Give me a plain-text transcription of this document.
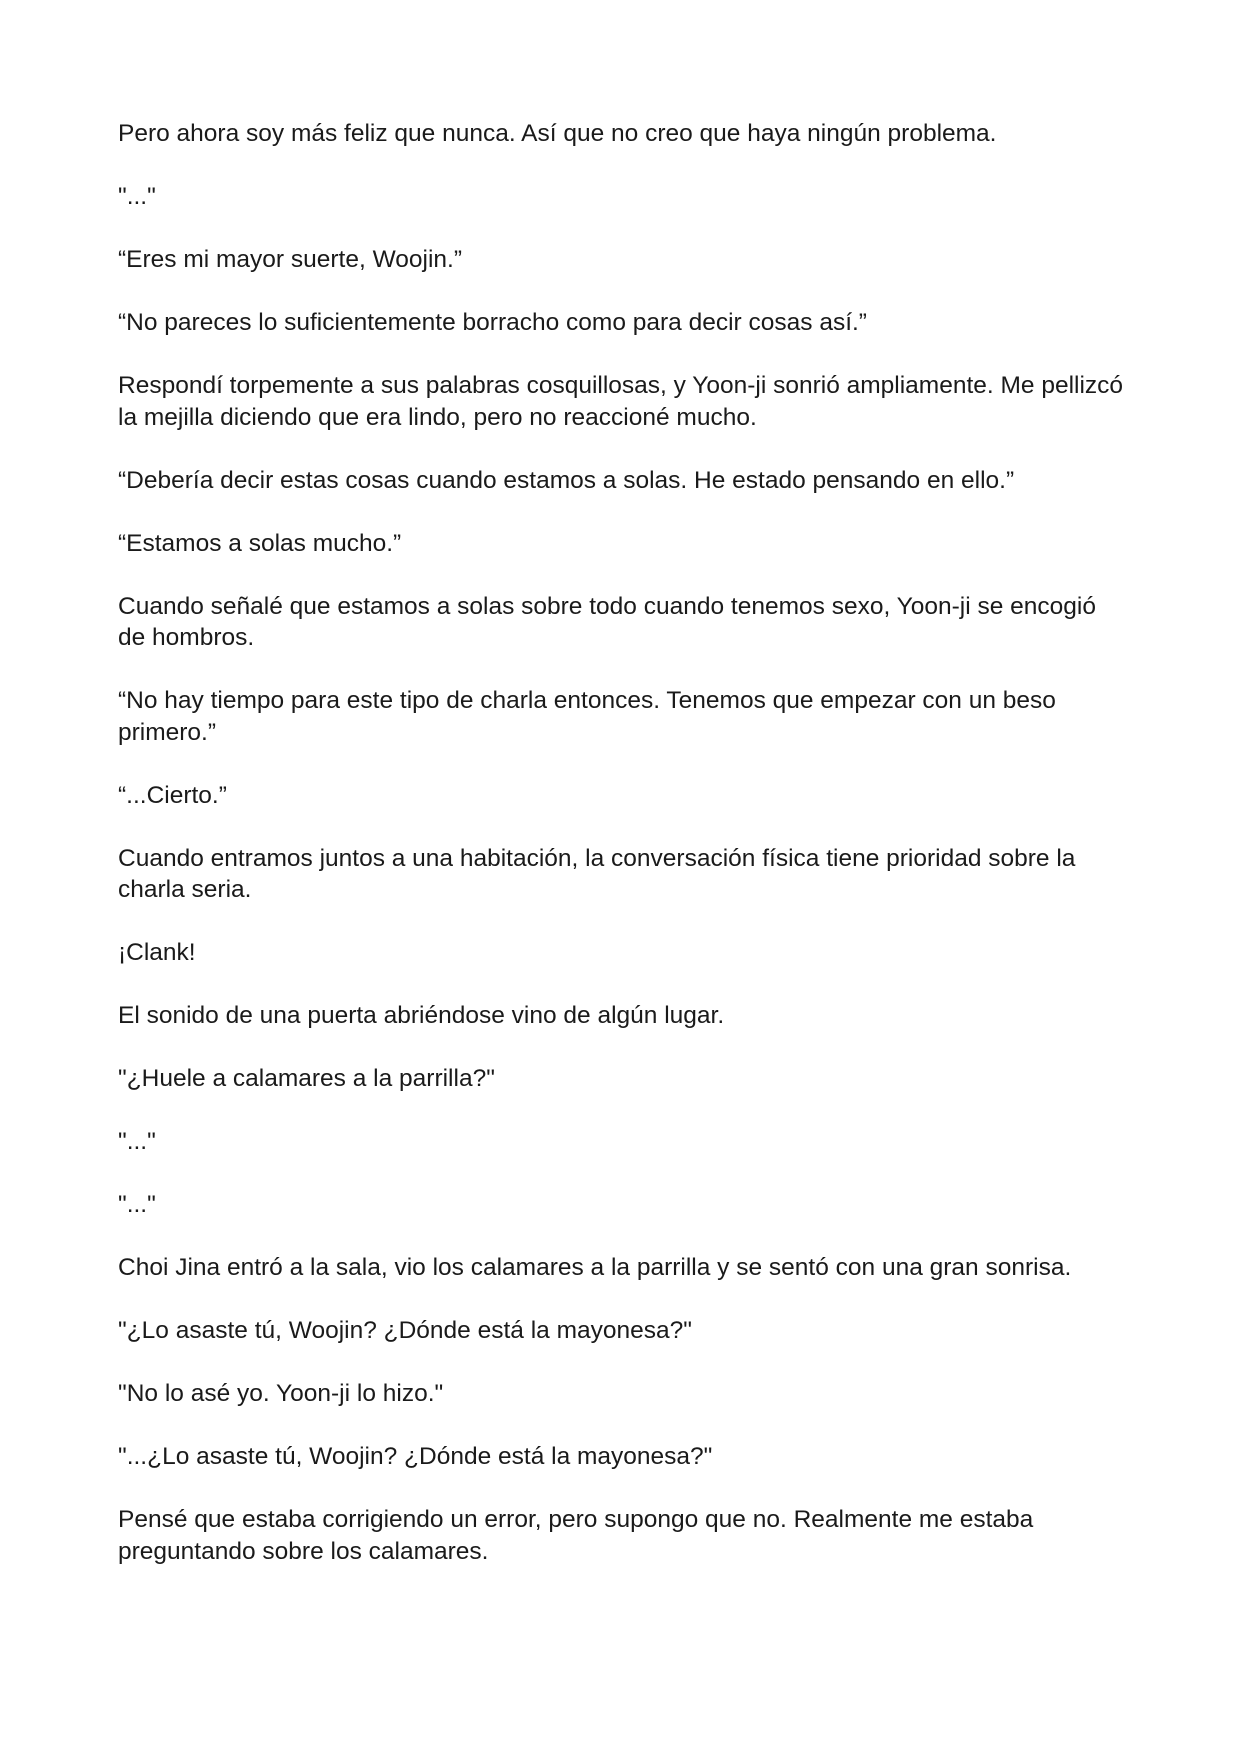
Pero ahora soy más feliz que nunca. Así que no creo que haya ningún problema.

"..."

“Eres mi mayor suerte, Woojin.”

“No pareces lo suficientemente borracho como para decir cosas así.”

Respondí torpemente a sus palabras cosquillosas, y Yoon-ji sonrió ampliamente. Me pellizcó la mejilla diciendo que era lindo, pero no reaccioné mucho.

“Debería decir estas cosas cuando estamos a solas. He estado pensando en ello.”

“Estamos a solas mucho.”

Cuando señalé que estamos a solas sobre todo cuando tenemos sexo, Yoon-ji se encogió de hombros.

“No hay tiempo para este tipo de charla entonces. Tenemos que empezar con un beso primero.”

“...Cierto.”

Cuando entramos juntos a una habitación, la conversación física tiene prioridad sobre la charla seria.

¡Clank!

El sonido de una puerta abriéndose vino de algún lugar.

"¿Huele a calamares a la parrilla?"

"..."

"..."

Choi Jina entró a la sala, vio los calamares a la parrilla y se sentó con una gran sonrisa.

"¿Lo asaste tú, Woojin? ¿Dónde está la mayonesa?"

"No lo asé yo. Yoon-ji lo hizo."

"...¿Lo asaste tú, Woojin? ¿Dónde está la mayonesa?"

Pensé que estaba corrigiendo un error, pero supongo que no. Realmente me estaba preguntando sobre los calamares.
